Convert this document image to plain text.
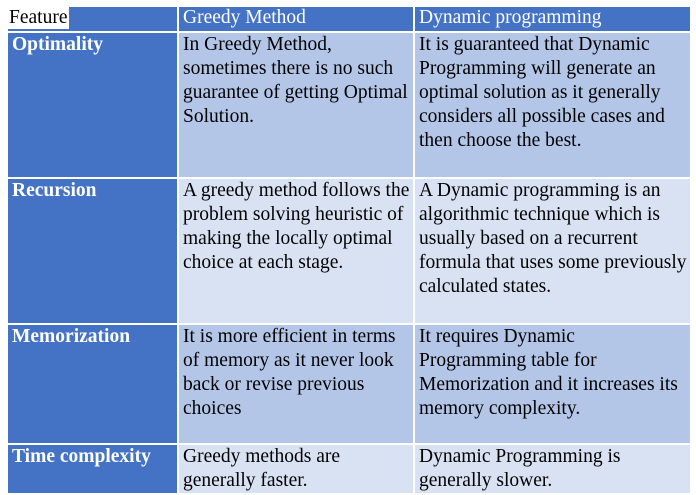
Feature	Greedy Method	Dynamic programming
Optimality	In Greedy Method, sometimes there is no such guarantee of getting Optimal Solution.	It is guaranteed that Dynamic Programming will generate an optimal solution as it generally considers all possible cases and then choose the best.
Recursion	A greedy method follows the problem solving heuristic of making the locally optimal choice at each stage.	A Dynamic programming is an algorithmic technique which is usually based on a recurrent formula that uses some previously calculated states.
Memorization	It is more efficient in terms of memory as it never look back or revise previous choices	It requires Dynamic Programming table for Memorization and it increases its memory complexity.
Time complexity	Greedy methods are generally faster.	Dynamic Programming is generally slower.
